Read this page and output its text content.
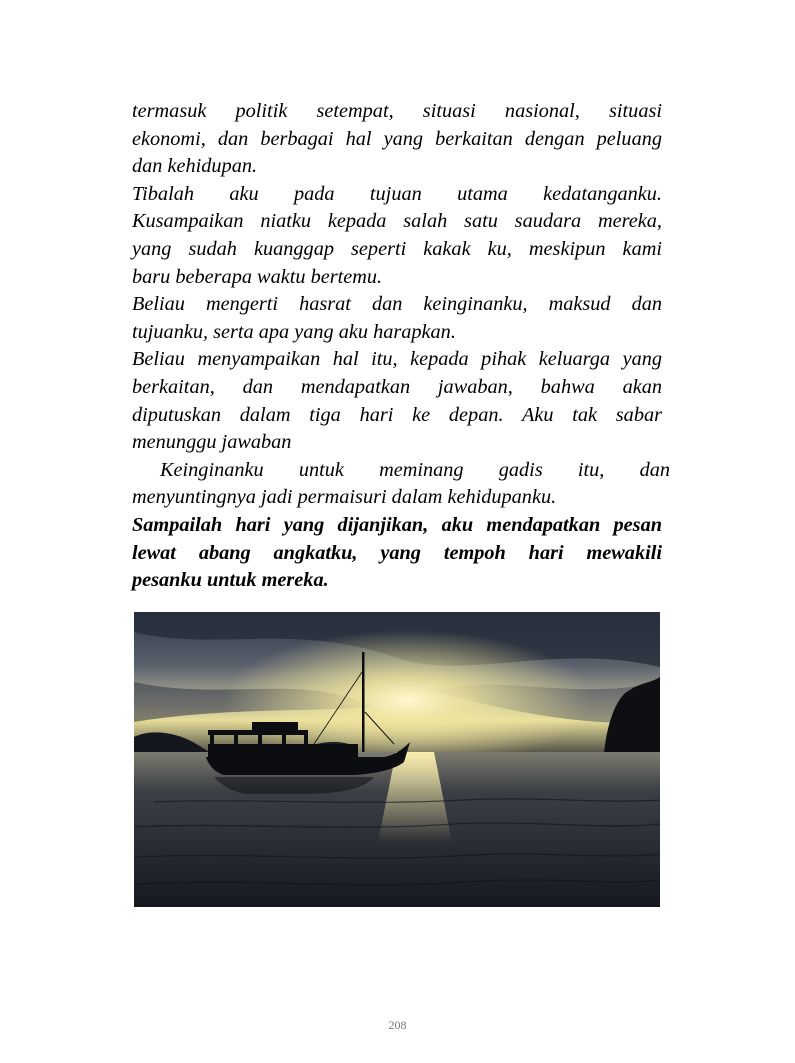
termasuk politik setempat, situasi nasional, situasi
ekonomi, dan berbagai hal yang berkaitan dengan peluang
dan kehidupan.
Tibalah aku pada tujuan utama kedatanganku.
Kusampaikan niatku kepada salah satu saudara mereka,
yang sudah kuanggap seperti kakak ku, meskipun kami
baru beberapa waktu bertemu.
Beliau mengerti hasrat dan keinginanku, maksud dan
tujuanku, serta apa yang aku harapkan.
Beliau menyampaikan hal itu, kepada pihak keluarga yang
berkaitan, dan mendapatkan jawaban, bahwa akan
diputuskan dalam tiga hari ke depan. Aku tak sabar
menunggu jawaban
Keinginanku untuk meminang gadis itu, dan
menyuntingnya jadi permaisuri dalam kehidupanku.
Sampailah hari yang dijanjikan, aku mendapatkan pesan
lewat abang angkatku, yang tempoh hari mewakili
pesanku untuk mereka.
208
